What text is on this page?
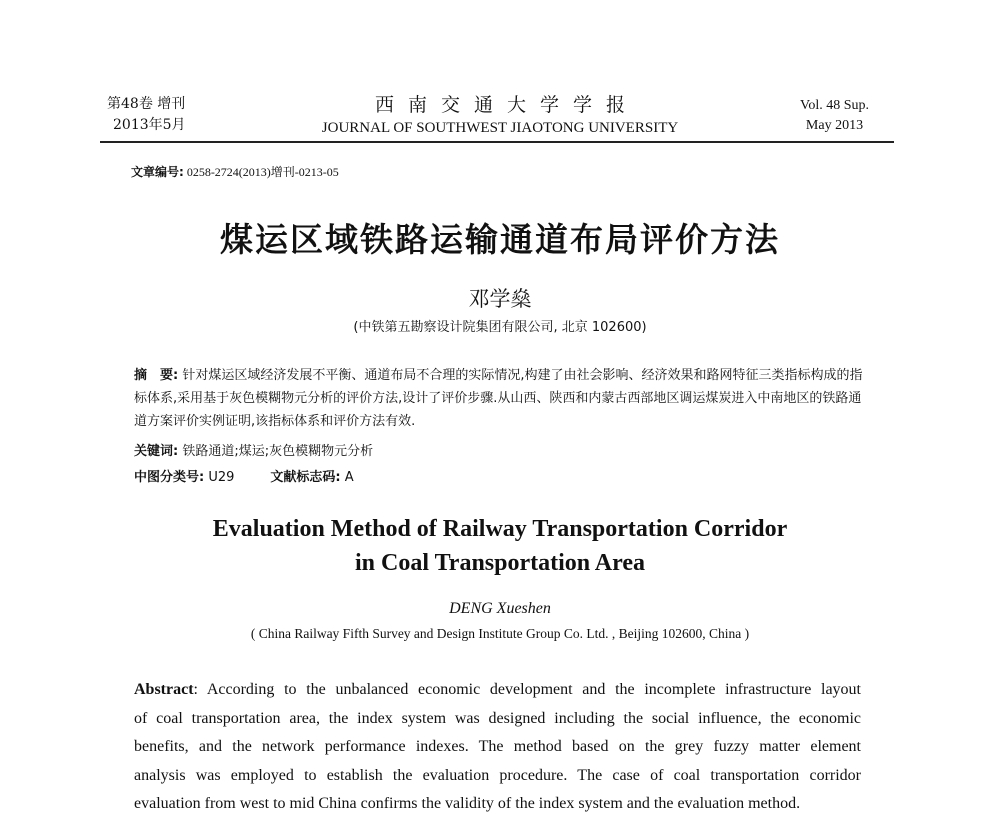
第48卷 增刊
2013年5月
西南交通大学学报
JOURNAL OF SOUTHWEST JIAOTONG UNIVERSITY
Vol. 48 Sup.
May 2013
文章编号: 0258-2724(2013)增刊-0213-05
煤运区域铁路运输通道布局评价方法
邓学燊
(中铁第五勘察设计院集团有限公司, 北京 102600)
摘　要: 针对煤运区域经济发展不平衡、通道布局不合理的实际情况,构建了由社会影响、经济效果和路网特征三类指标构成的指标体系,采用基于灰色模糊物元分析的评价方法,设计了评价步骤.从山西、陕西和内蒙古西部地区调运煤炭进入中南地区的铁路通道方案评价实例证明,该指标体系和评价方法有效.
关键词: 铁路通道;煤运;灰色模糊物元分析
中图分类号: U29	文献标志码: A
Evaluation Method of Railway Transportation Corridor
in Coal Transportation Area
DENG Xueshen
( China Railway Fifth Survey and Design Institute Group Co. Ltd. , Beijing 102600, China )
Abstract: According to the unbalanced economic development and the incomplete infrastructure layout
of coal transportation area, the index system was designed including the social influence, the economic
benefits, and the network performance indexes. The method based on the grey fuzzy matter element
analysis was employed to establish the evaluation procedure. The case of coal transportation corridor
evaluation from west to mid China confirms the validity of the index system and the evaluation method.
